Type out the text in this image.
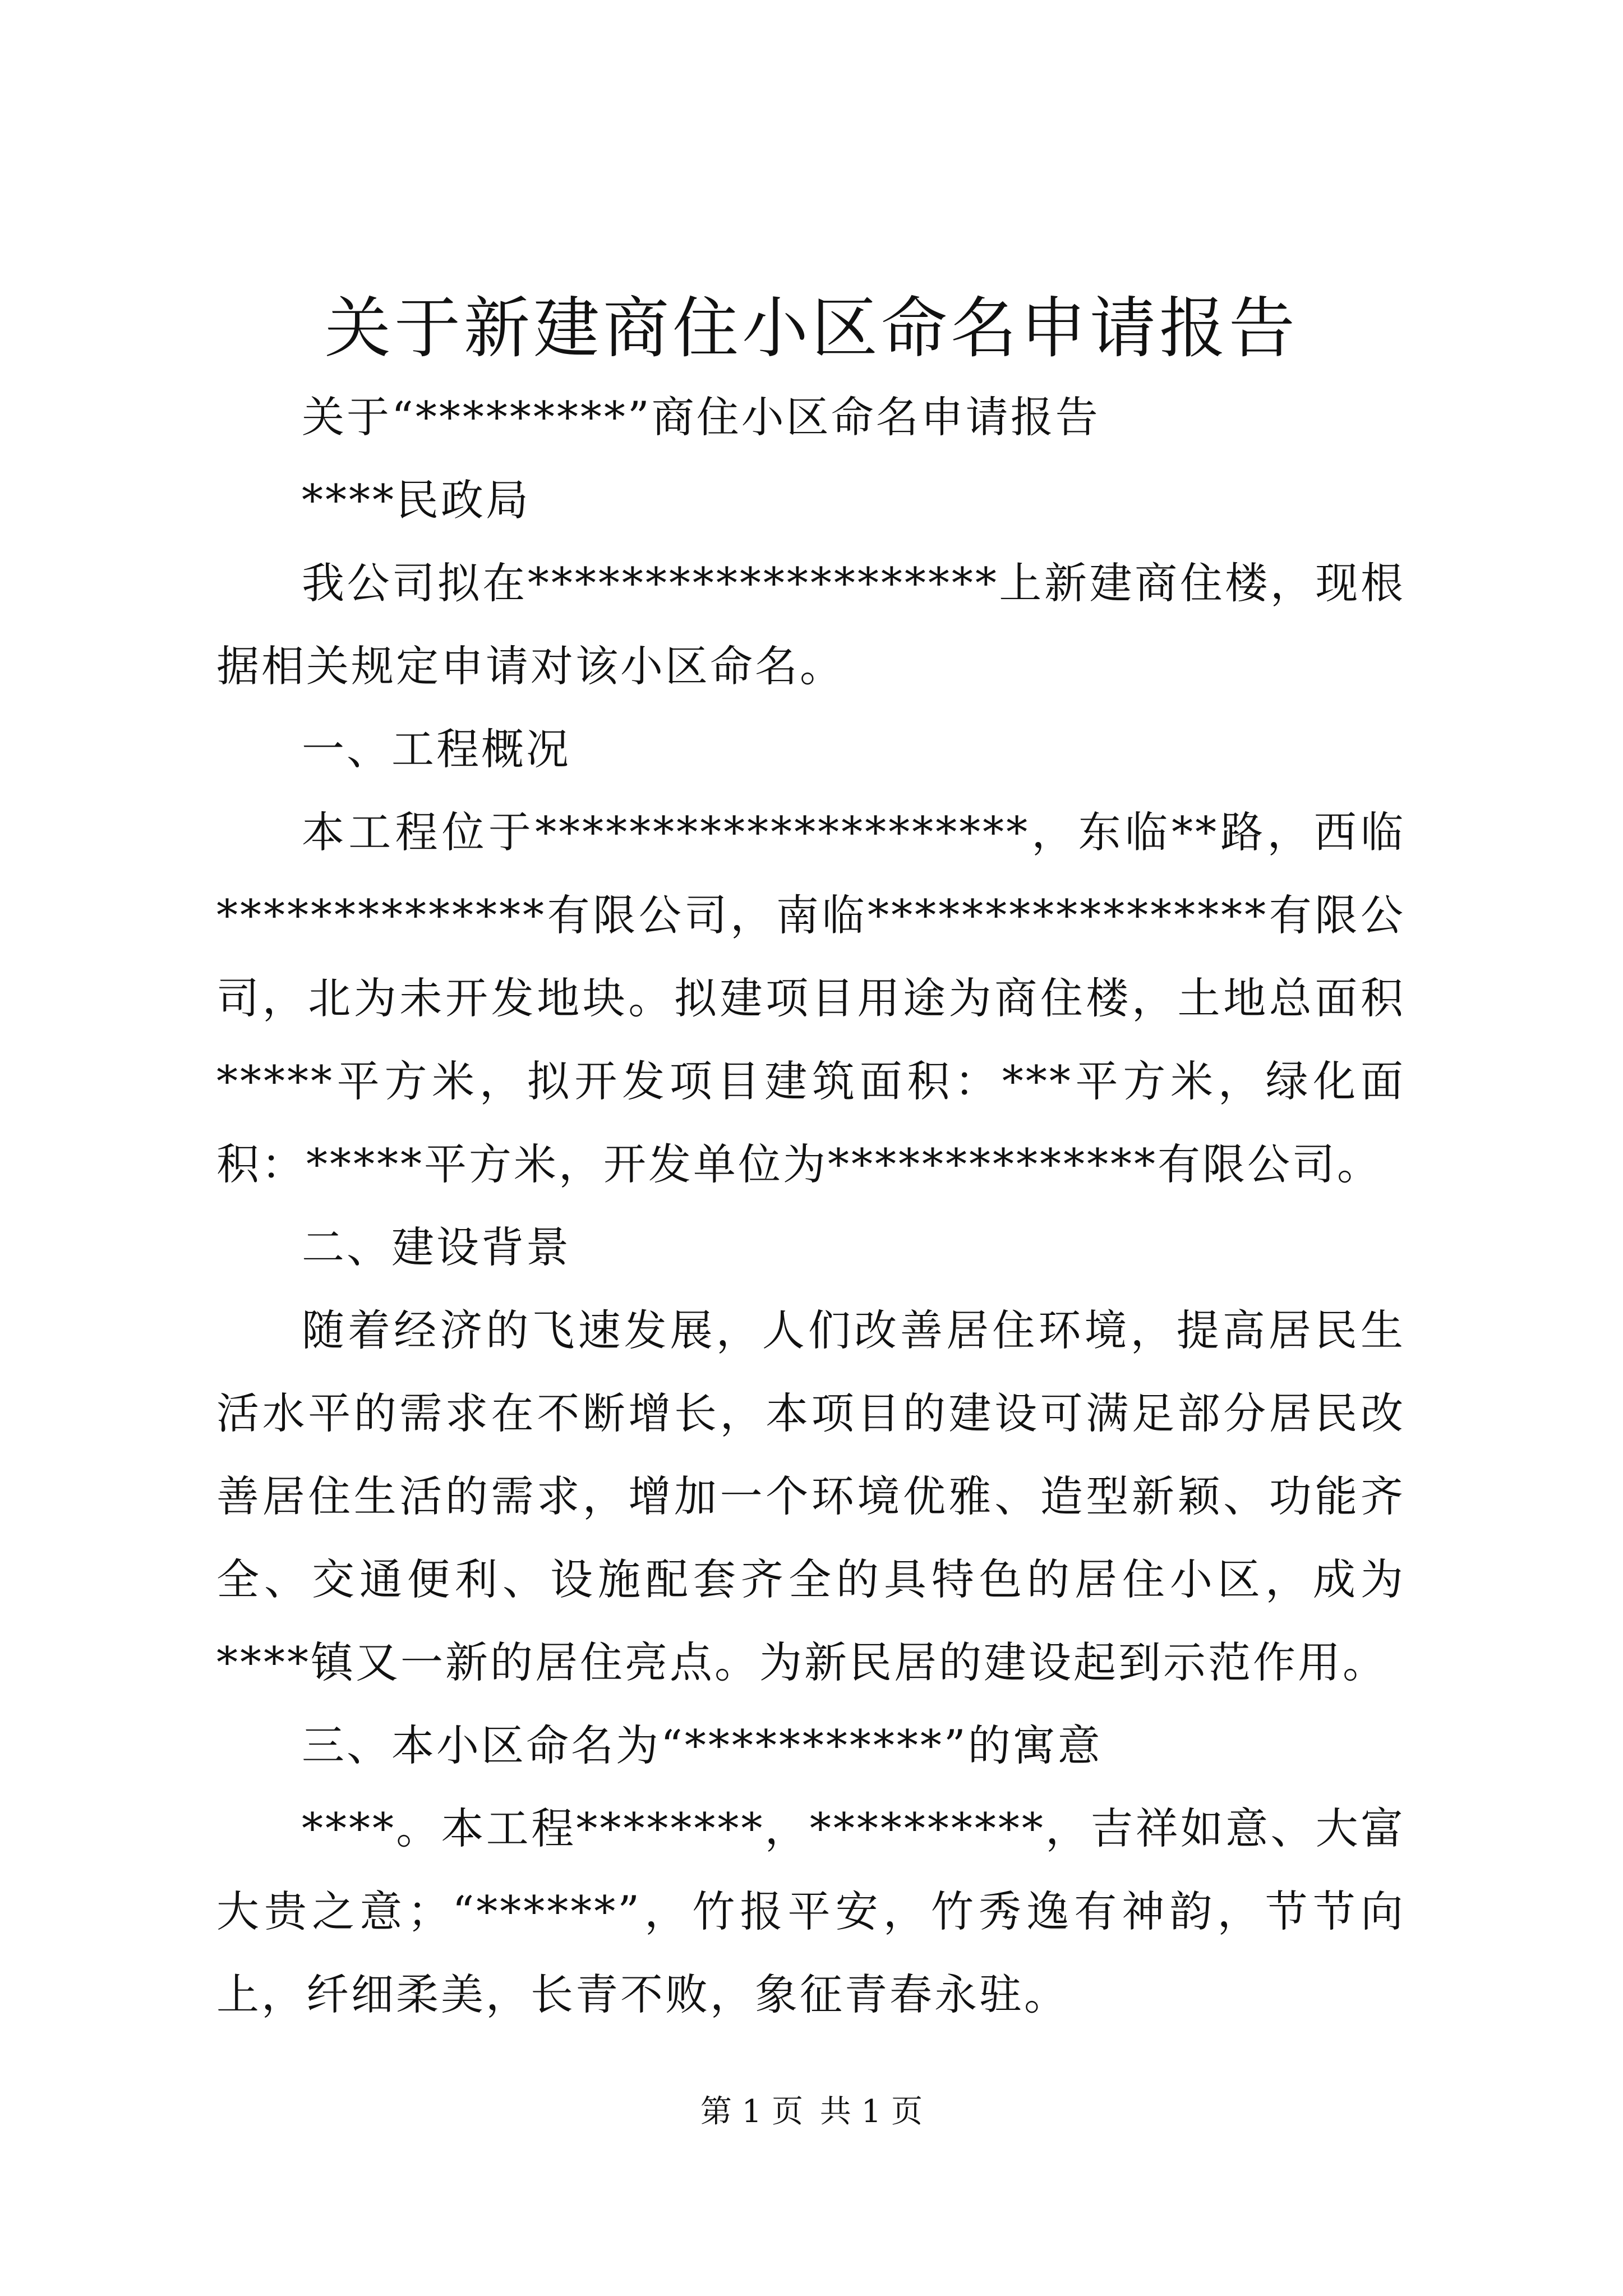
关于新建商住小区命名申请报告

关于“*********”商住小区命名申请报告

****民政局

我公司拟在********************上新建商住楼，现根据相关规定申请对该小区命名。

一、工程概况

本工程位于*********************，东临**路，西临**************有限公司，南临*****************有限公司，北为未开发地块。拟建项目用途为商住楼，土地总面积*****平方米，拟开发项目建筑面积：***平方米，绿化面积：*****平方米，开发单位为**************有限公司。

二、建设背景

随着经济的飞速发展，人们改善居住环境，提高居民生活水平的需求在不断增长，本项目的建设可满足部分居民改善居住生活的需求，增加一个环境优雅、造型新颖、功能齐全、交通便利、设施配套齐全的具特色的居住小区，成为****镇又一新的居住亮点。为新民居的建设起到示范作用。

三、本小区命名为“***********”的寓意

****。本工程********，**********，吉祥如意、大富大贵之意；“******”，竹报平安，竹秀逸有神韵，节节向上，纤细柔美，长青不败，象征青春永驻。

第 1 页 共 1 页
